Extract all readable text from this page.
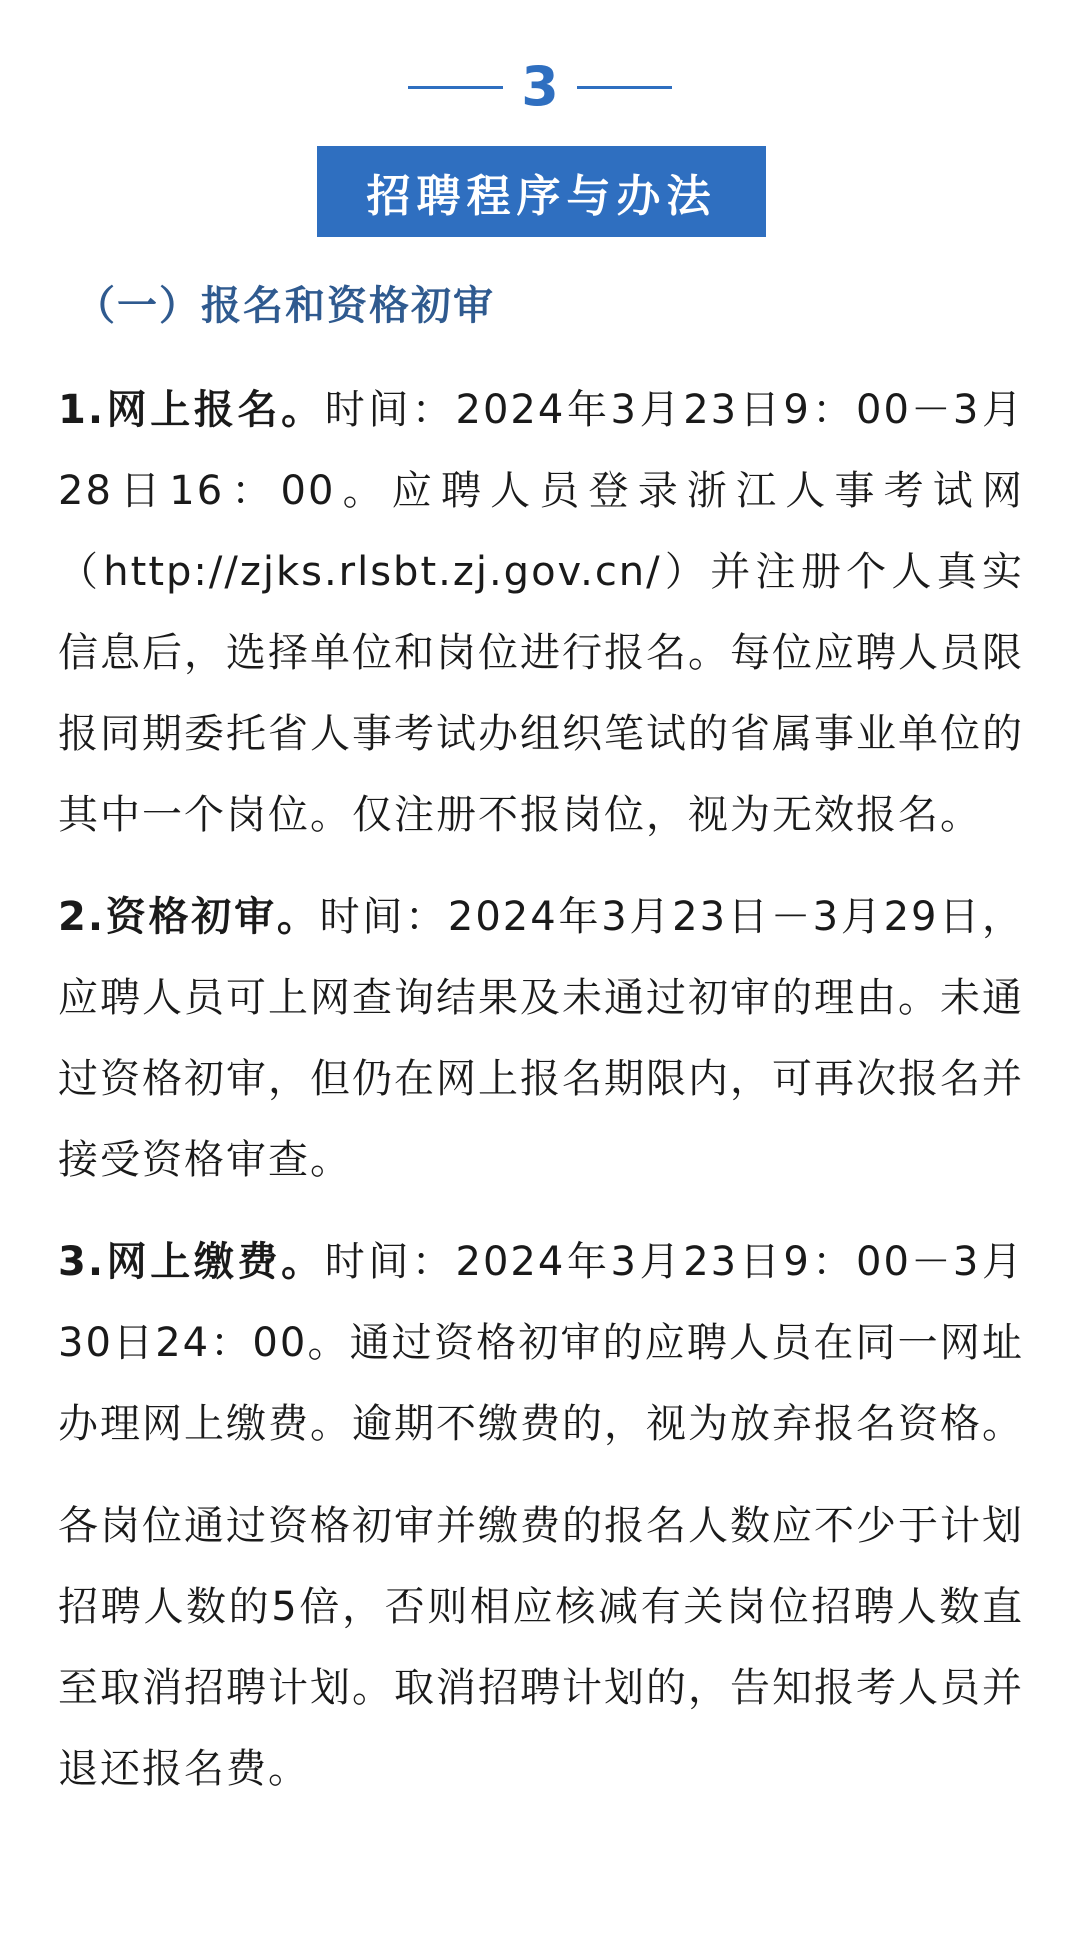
3
招聘程序与办法
（一）报名和资格初审

1.网上报名。时间：2024年3月23日9：00－3月28日16：00。应聘人员登录浙江人事考试网（http://zjks.rlsbt.zj.gov.cn/）并注册个人真实信息后，选择单位和岗位进行报名。每位应聘人员限报同期委托省人事考试办组织笔试的省属事业单位的其中一个岗位。仅注册不报岗位，视为无效报名。

2.资格初审。时间：2024年3月23日－3月29日，应聘人员可上网查询结果及未通过初审的理由。未通过资格初审，但仍在网上报名期限内，可再次报名并接受资格审查。

3.网上缴费。时间：2024年3月23日9：00－3月30日24：00。通过资格初审的应聘人员在同一网址办理网上缴费。逾期不缴费的，视为放弃报名资格。

各岗位通过资格初审并缴费的报名人数应不少于计划招聘人数的5倍，否则相应核减有关岗位招聘人数直至取消招聘计划。取消招聘计划的，告知报考人员并退还报名费。
